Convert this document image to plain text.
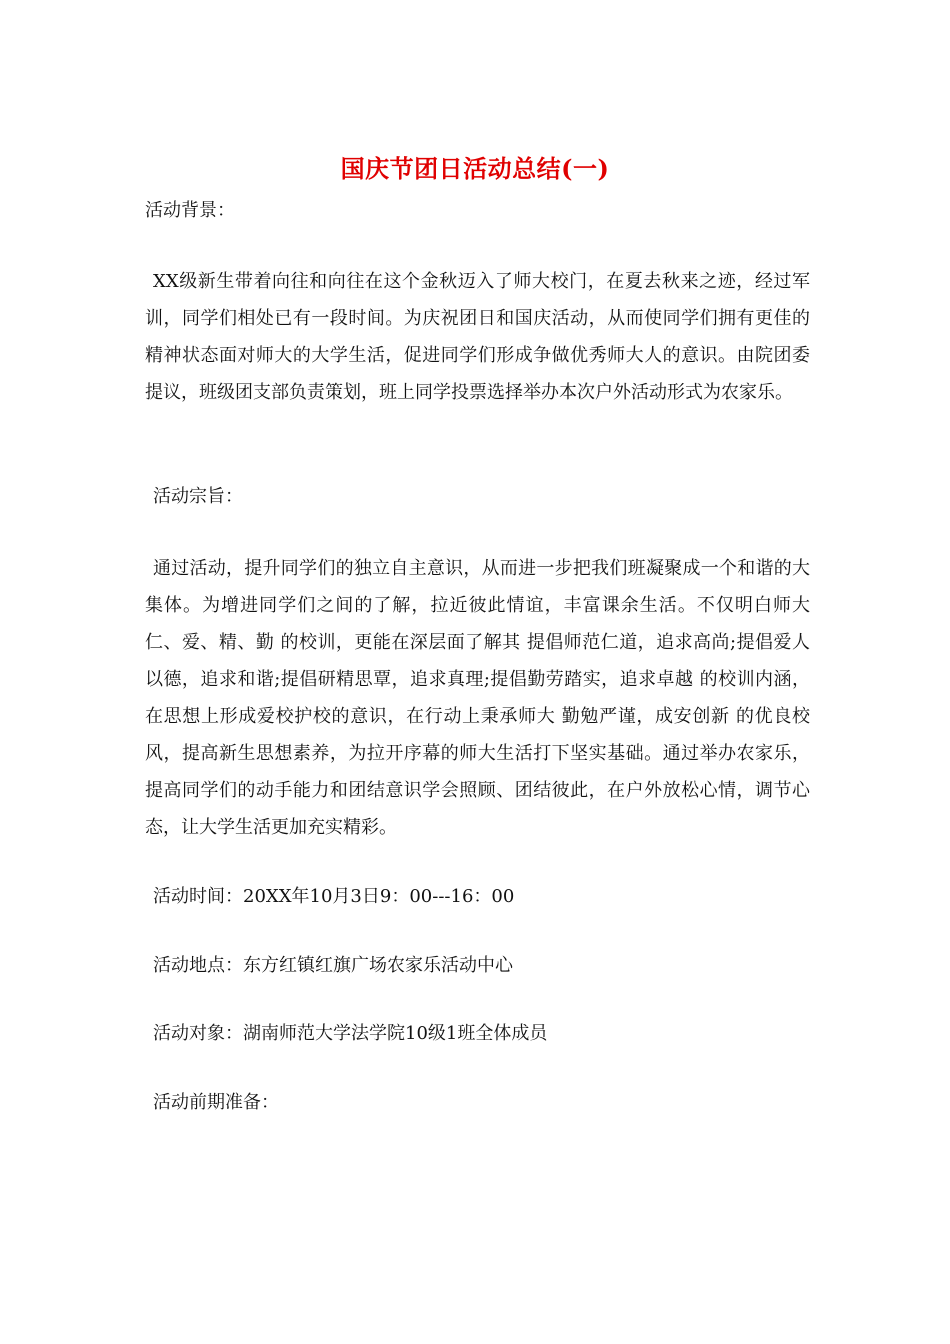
国庆节团日活动总结(一)
活动背景：
XX级新生带着向往和向往在这个金秋迈入了师大校门，在夏去秋来之迹，经过军训，同学们相处已有一段时间。为庆祝团日和国庆活动，从而使同学们拥有更佳的精神状态面对师大的大学生活，促进同学们形成争做优秀师大人的意识。由院团委提议，班级团支部负责策划，班上同学投票选择举办本次户外活动形式为农家乐。
活动宗旨：
通过活动，提升同学们的独立自主意识，从而进一步把我们班凝聚成一个和谐的大集体。为增进同学们之间的了解，拉近彼此情谊，丰富课余生活。不仅明白师大 仁、爱、精、勤 的校训，更能在深层面了解其 提倡师范仁道，追求高尚;提倡爱人以德，追求和谐;提倡研精思覃，追求真理;提倡勤劳踏实，追求卓越 的校训内涵，在思想上形成爱校护校的意识，在行动上秉承师大 勤勉严谨，成安创新 的优良校风，提高新生思想素养，为拉开序幕的师大生活打下坚实基础。通过举办农家乐，提高同学们的动手能力和团结意识学会照顾、团结彼此，在户外放松心情，调节心态，让大学生活更加充实精彩。
活动时间：20XX年10月3日9：00---16：00
活动地点：东方红镇红旗广场农家乐活动中心
活动对象：湖南师范大学法学院10级1班全体成员
活动前期准备：
